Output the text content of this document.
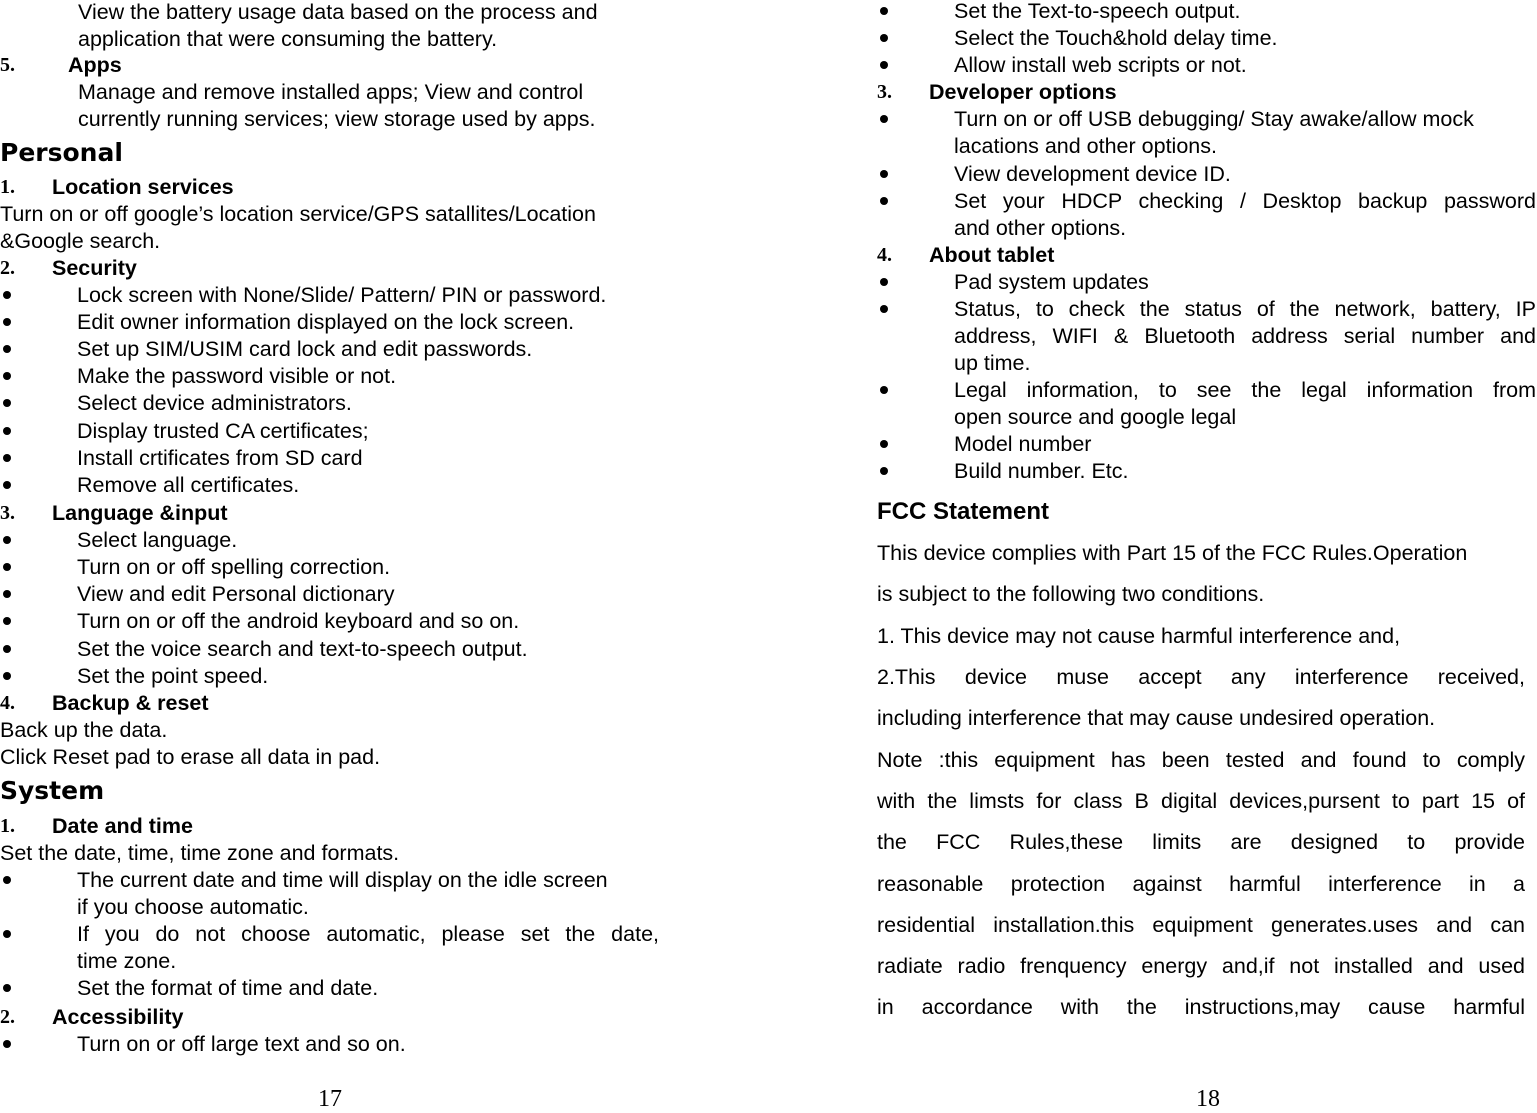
View the battery usage data based on the process and
application that were consuming the battery.
5. Apps
Manage and remove installed apps; View and control
currently running services; view storage used by apps.
Personal
1. Location services
Turn on or off google’s location service/GPS satallites/Location
&Google search.
2. Security
Lock screen with None/Slide/ Pattern/ PIN or password.
Edit owner information displayed on the lock screen.
Set up SIM/USIM card lock and edit passwords.
Make the password visible or not.
Select device administrators.
Display trusted CA certificates;
Install crtificates from SD card
Remove all certificates.
3. Language &input
Select language.
Turn on or off spelling correction.
View and edit Personal dictionary
Turn on or off the android keyboard and so on.
Set the voice search and text-to-speech output.
Set the point speed.
4. Backup & reset
Back up the data.
Click Reset pad to erase all data in pad.
System
1. Date and time
Set the date, time, time zone and formats.
The current date and time will display on the idle screen
if you choose automatic.
If you do not choose automatic, please set the date,
time zone.
Set the format of time and date.
2. Accessibility
Turn on or off large text and so on.
17
Set the Text-to-speech output.
Select the Touch&hold delay time.
Allow install web scripts or not.
3. Developer options
Turn on or off USB debugging/ Stay awake/allow mock
lacations and other options.
View development device ID.
Set your HDCP checking / Desktop backup password
and other options.
4. About tablet
Pad system updates
Status, to check the status of the network, battery, IP
address, WIFI & Bluetooth address serial number and
up time.
Legal information, to see the legal information from
open source and google legal
Model number
Build number. Etc.
FCC Statement
This device complies with Part 15 of the FCC Rules.Operation
is subject to the following two conditions.
1. This device may not cause harmful interference and,
2.This device muse accept any interference received,
including interference that may cause undesired operation.
Note :this equipment has been tested and found to comply
with the limsts for class B digital devices,pursent to part 15 of
the FCC Rules,these limits are designed to provide
reasonable protection against harmful interference in a
residential installation.this equipment generates.uses and can
radiate radio frenquency energy and,if not installed and used
in accordance with the instructions,may cause harmful
18
